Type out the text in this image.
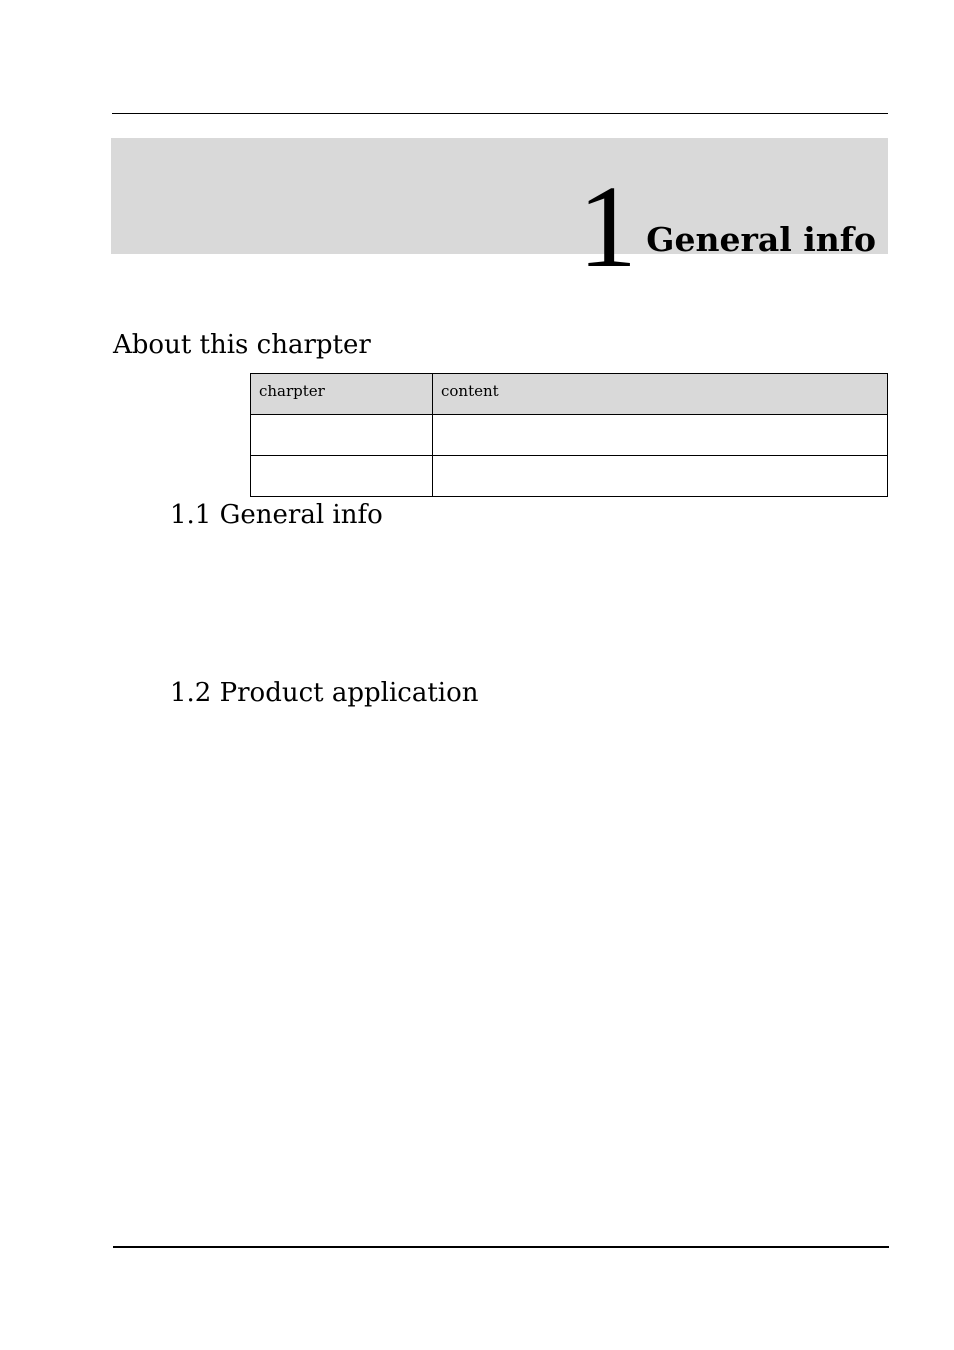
1 General info
About this charpter
charpter	content

1.1 General info
1.2 Product application
